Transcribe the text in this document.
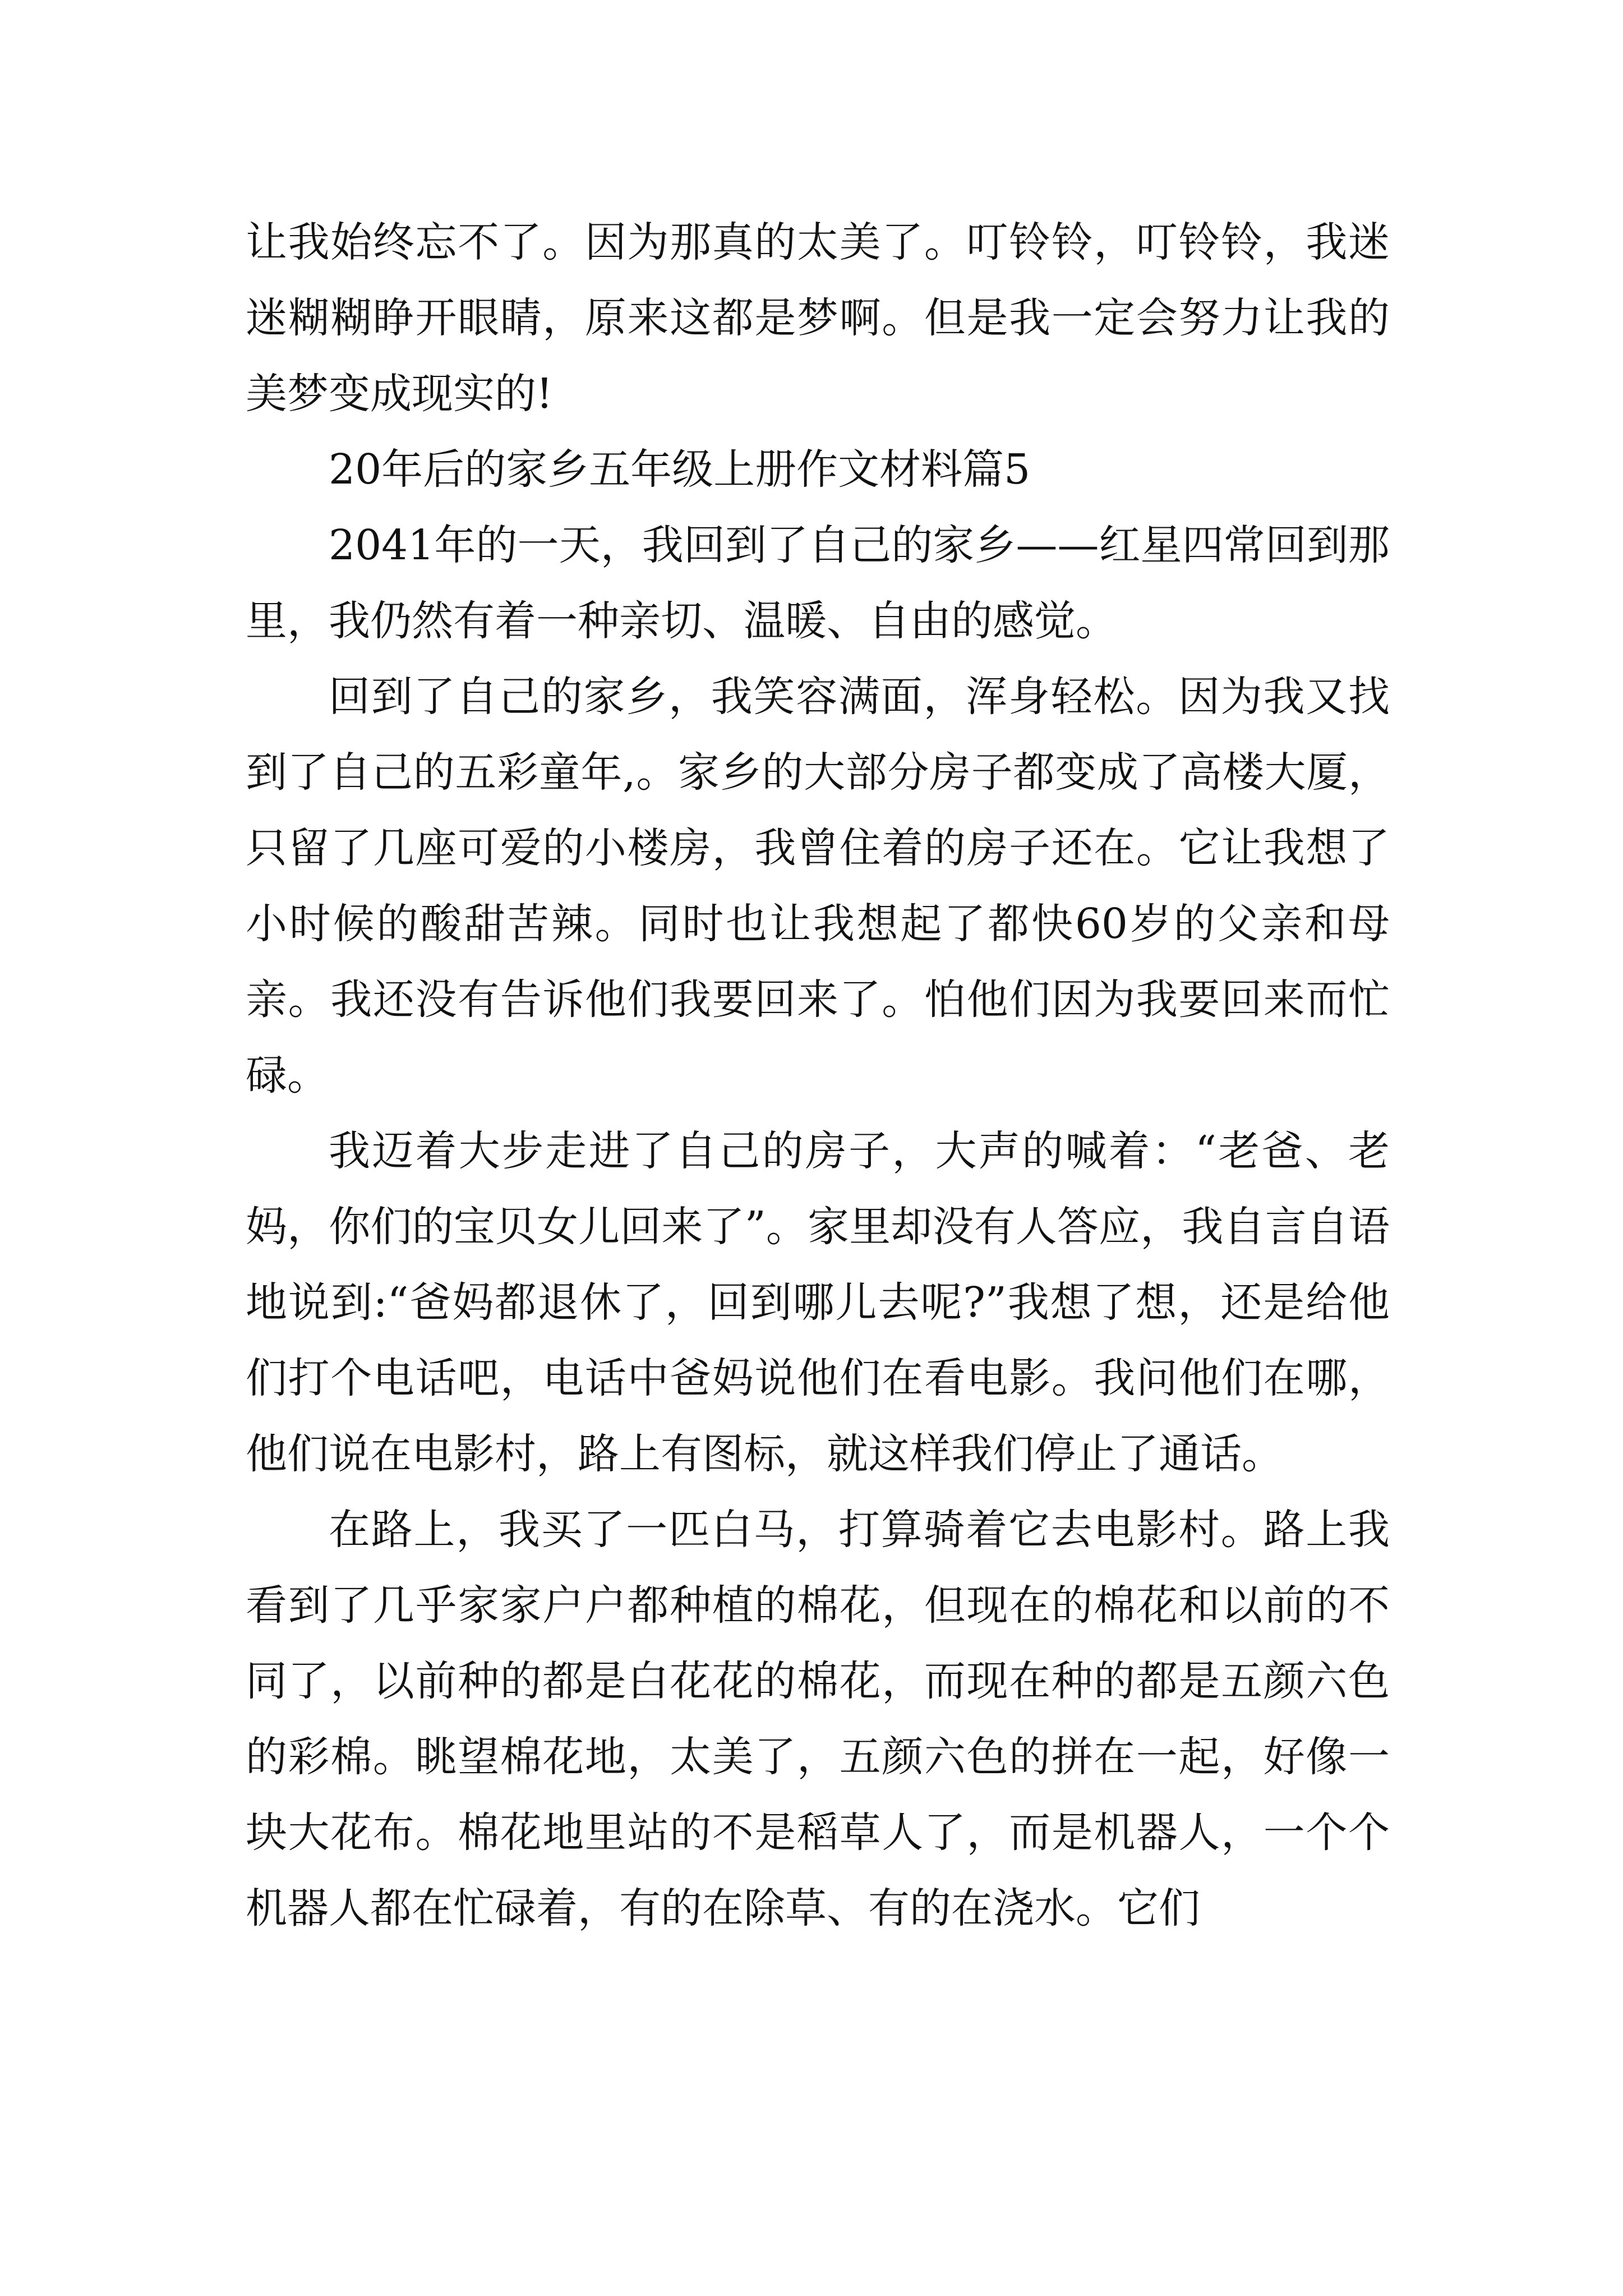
让我始终忘不了。因为那真的太美了。叮铃铃，叮铃铃，我迷迷糊糊睁开眼睛，原来这都是梦啊。但是我一定会努力让我的美梦变成现实的!

20年后的家乡五年级上册作文材料篇5

2041年的一天，我回到了自己的家乡——红星四常回到那里，我仍然有着一种亲切、温暖、自由的感觉。

回到了自己的家乡，我笑容满面，浑身轻松。因为我又找到了自己的五彩童年,。家乡的大部分房子都变成了高楼大厦，只留了几座可爱的小楼房，我曾住着的房子还在。它让我想了小时候的酸甜苦辣。同时也让我想起了都快60岁的父亲和母亲。我还没有告诉他们我要回来了。怕他们因为我要回来而忙碌。

我迈着大步走进了自己的房子，大声的喊着：“老爸、老妈，你们的宝贝女儿回来了”。家里却没有人答应，我自言自语地说到:“爸妈都退休了，回到哪儿去呢?”我想了想，还是给他们打个电话吧，电话中爸妈说他们在看电影。我问他们在哪，他们说在电影村，路上有图标，就这样我们停止了通话。

在路上，我买了一匹白马，打算骑着它去电影村。路上我看到了几乎家家户户都种植的棉花，但现在的棉花和以前的不同了，以前种的都是白花花的棉花，而现在种的都是五颜六色的彩棉。眺望棉花地，太美了，五颜六色的拼在一起，好像一块大花布。棉花地里站的不是稻草人了，而是机器人，一个个机器人都在忙碌着，有的在除草、有的在浇水。它们
